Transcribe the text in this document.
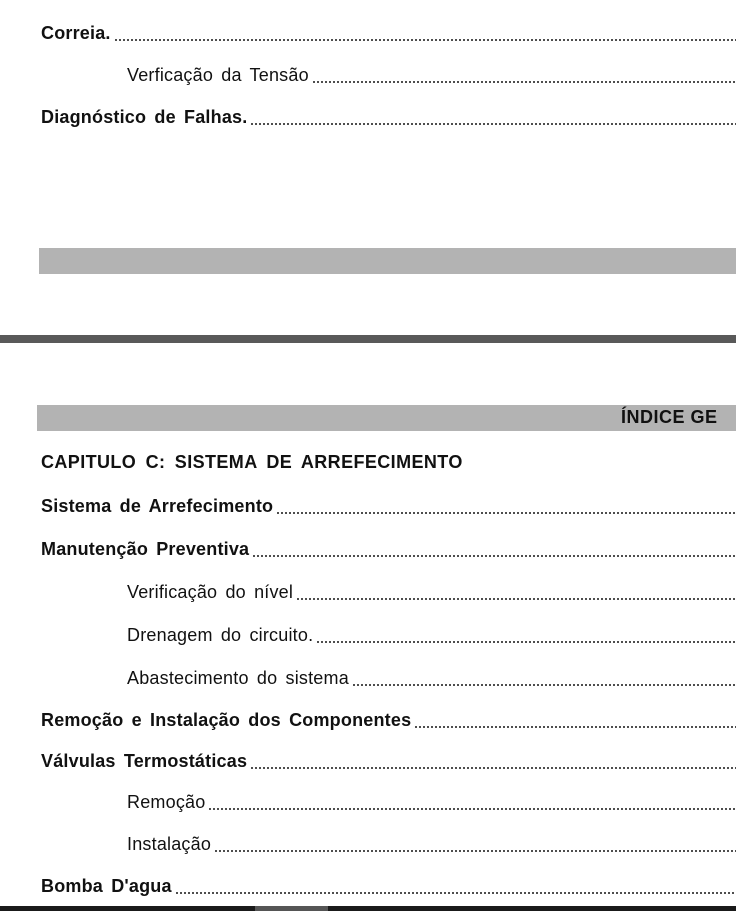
Correia.
Verficação da Tensão
Diagnóstico de Falhas.
ÍNDICE GE
CAPITULO C: SISTEMA DE ARREFECIMENTO
Sistema de Arrefecimento
Manutenção Preventiva
Verificação do nível
Drenagem do circuito.
Abastecimento do sistema
Remoção e Instalação dos Componentes
Válvulas Termostáticas
Remoção
Instalação
Bomba D'agua
